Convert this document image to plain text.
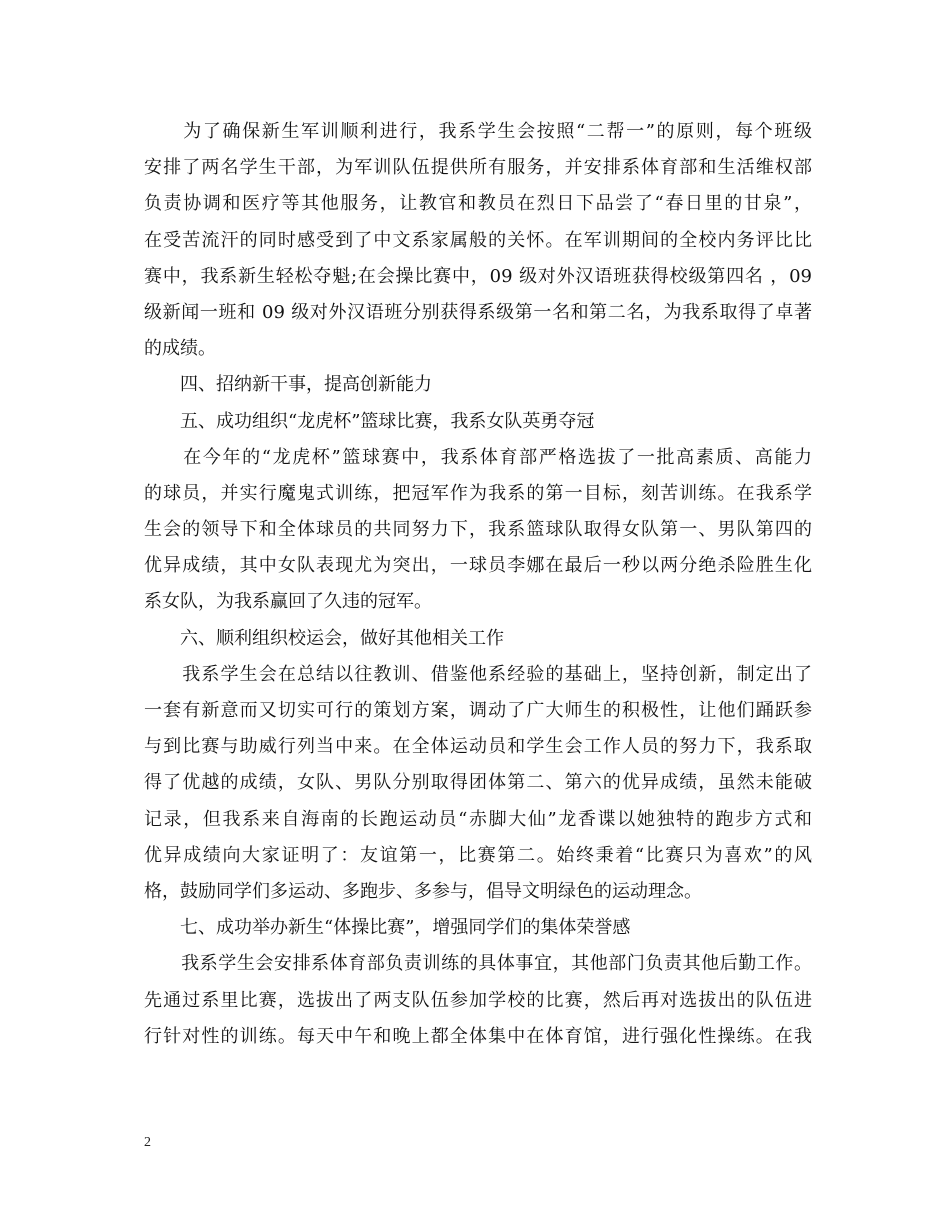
　　为了确保新生军训顺利进行，我系学生会按照“二帮一”的原则，每个班级
安排了两名学生干部，为军训队伍提供所有服务，并安排系体育部和生活维权部
负责协调和医疗等其他服务，让教官和教员在烈日下品尝了“春日里的甘泉”，
在受苦流汗的同时感受到了中文系家属般的关怀。在军训期间的全校内务评比比
赛中，我系新生轻松夺魁;在会操比赛中，09 级对外汉语班获得校级第四名 ，09
级新闻一班和 09 级对外汉语班分别获得系级第一名和第二名，为我系取得了卓著
的成绩。
　　四、招纳新干事，提高创新能力
　　五、成功组织“龙虎杯”篮球比赛，我系女队英勇夺冠
　　在今年的“龙虎杯”篮球赛中，我系体育部严格选拔了一批高素质、高能力
的球员，并实行魔鬼式训练，把冠军作为我系的第一目标，刻苦训练。在我系学
生会的领导下和全体球员的共同努力下，我系篮球队取得女队第一、男队第四的
优异成绩，其中女队表现尤为突出，一球员李娜在最后一秒以两分绝杀险胜生化
系女队，为我系赢回了久违的冠军。
　　六、顺利组织校运会，做好其他相关工作
　　我系学生会在总结以往教训、借鉴他系经验的基础上，坚持创新，制定出了
一套有新意而又切实可行的策划方案，调动了广大师生的积极性，让他们踊跃参
与到比赛与助威行列当中来。在全体运动员和学生会工作人员的努力下，我系取
得了优越的成绩，女队、男队分别取得团体第二、第六的优异成绩，虽然未能破
记录，但我系来自海南的长跑运动员“赤脚大仙”龙香谍以她独特的跑步方式和
优异成绩向大家证明了：友谊第一，比赛第二。始终秉着“比赛只为喜欢”的风
格，鼓励同学们多运动、多跑步、多参与，倡导文明绿色的运动理念。
　　七、成功举办新生“体操比赛”，增强同学们的集体荣誉感
　　我系学生会安排系体育部负责训练的具体事宜，其他部门负责其他后勤工作。
先通过系里比赛，选拔出了两支队伍参加学校的比赛，然后再对选拔出的队伍进
行针对性的训练。每天中午和晚上都全体集中在体育馆，进行强化性操练。在我
2
